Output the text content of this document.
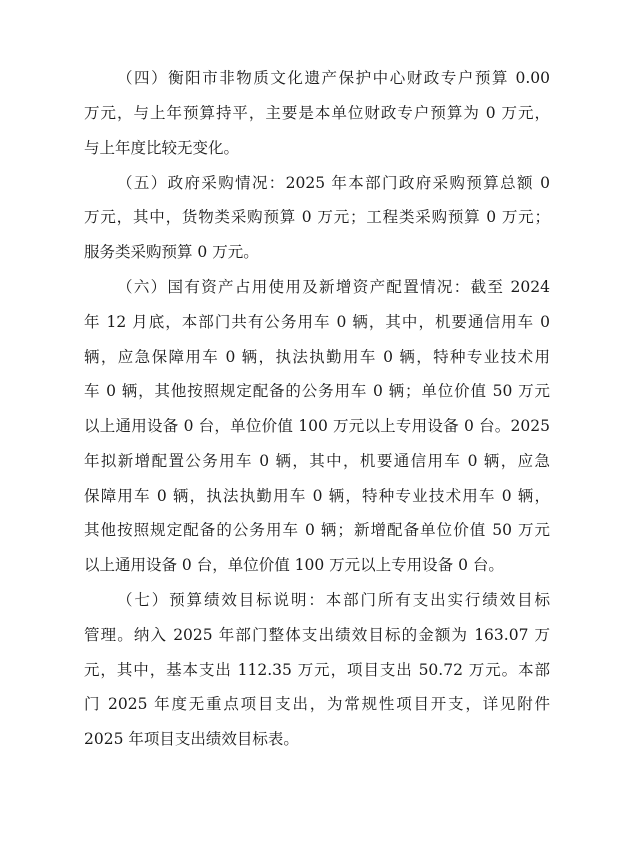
（四）衡阳市非物质文化遗产保护中心财政专户预算 0.00
万元，与上年预算持平，主要是本单位财政专户预算为 0 万元，
与上年度比较无变化。
（五）政府采购情况：2025 年本部门政府采购预算总额 0
万元，其中，货物类采购预算 0 万元；工程类采购预算 0 万元；
服务类采购预算 0 万元。
（六）国有资产占用使用及新增资产配置情况：截至 2024
年 12 月底，本部门共有公务用车 0 辆，其中，机要通信用车 0
辆，应急保障用车 0 辆，执法执勤用车 0 辆，特种专业技术用
车 0 辆，其他按照规定配备的公务用车 0 辆；单位价值 50 万元
以上通用设备 0 台，单位价值 100 万元以上专用设备 0 台。2025
年拟新增配置公务用车 0 辆，其中，机要通信用车 0 辆，应急
保障用车 0 辆，执法执勤用车 0 辆，特种专业技术用车 0 辆，
其他按照规定配备的公务用车 0 辆；新增配备单位价值 50 万元
以上通用设备 0 台，单位价值 100 万元以上专用设备 0 台。
（七）预算绩效目标说明：本部门所有支出实行绩效目标
管理。纳入 2025 年部门整体支出绩效目标的金额为 163.07 万
元，其中，基本支出 112.35 万元，项目支出 50.72 万元。本部
门 2025 年度无重点项目支出，为常规性项目开支，详见附件
2025 年项目支出绩效目标表。
